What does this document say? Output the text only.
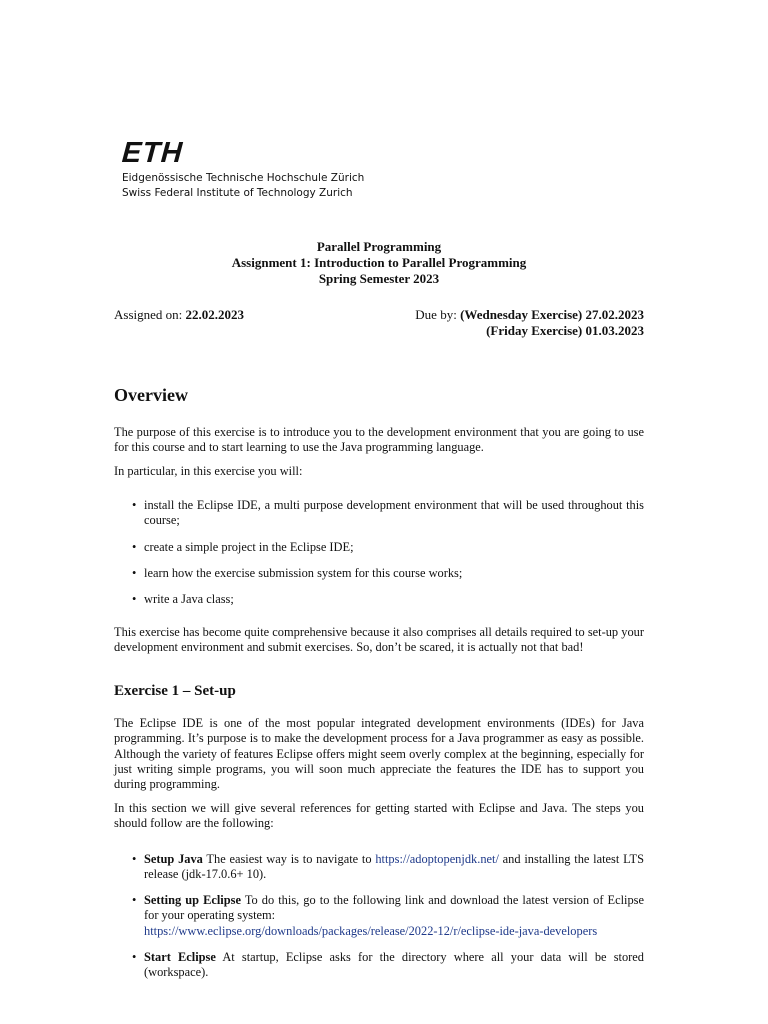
ETH
Eidgenössische Technische Hochschule Zürich
Swiss Federal Institute of Technology Zurich
Parallel Programming
Assignment 1: Introduction to Parallel Programming
Spring Semester 2023
Assigned on: 22.02.2023	Due by: (Wednesday Exercise) 27.02.2023
(Friday Exercise) 01.03.2023
Overview

The purpose of this exercise is to introduce you to the development environment that you are going to use for this course and to start learning to use the Java programming language.

In particular, in this exercise you will:

• install the Eclipse IDE, a multi purpose development environment that will be used throughout this course;
• create a simple project in the Eclipse IDE;
• learn how the exercise submission system for this course works;
• write a Java class;

This exercise has become quite comprehensive because it also comprises all details required to set-up your development environment and submit exercises. So, don’t be scared, it is actually not that bad!

Exercise 1 – Set-up

The Eclipse IDE is one of the most popular integrated development environments (IDEs) for Java programming. It’s purpose is to make the development process for a Java programmer as easy as possible. Although the variety of features Eclipse offers might seem overly complex at the beginning, especially for just writing simple programs, you will soon much appreciate the features the IDE has to support you during programming.

In this section we will give several references for getting started with Eclipse and Java. The steps you should follow are the following:

• Setup Java The easiest way is to navigate to https://adoptopenjdk.net/ and installing the latest LTS release (jdk-17.0.6+ 10).
• Setting up Eclipse To do this, go to the following link and download the latest version of Eclipse for your operating system:
https://www.eclipse.org/downloads/packages/release/2022-12/r/eclipse-ide-java-developers
• Start Eclipse At startup, Eclipse asks for the directory where all your data will be stored (workspace).
